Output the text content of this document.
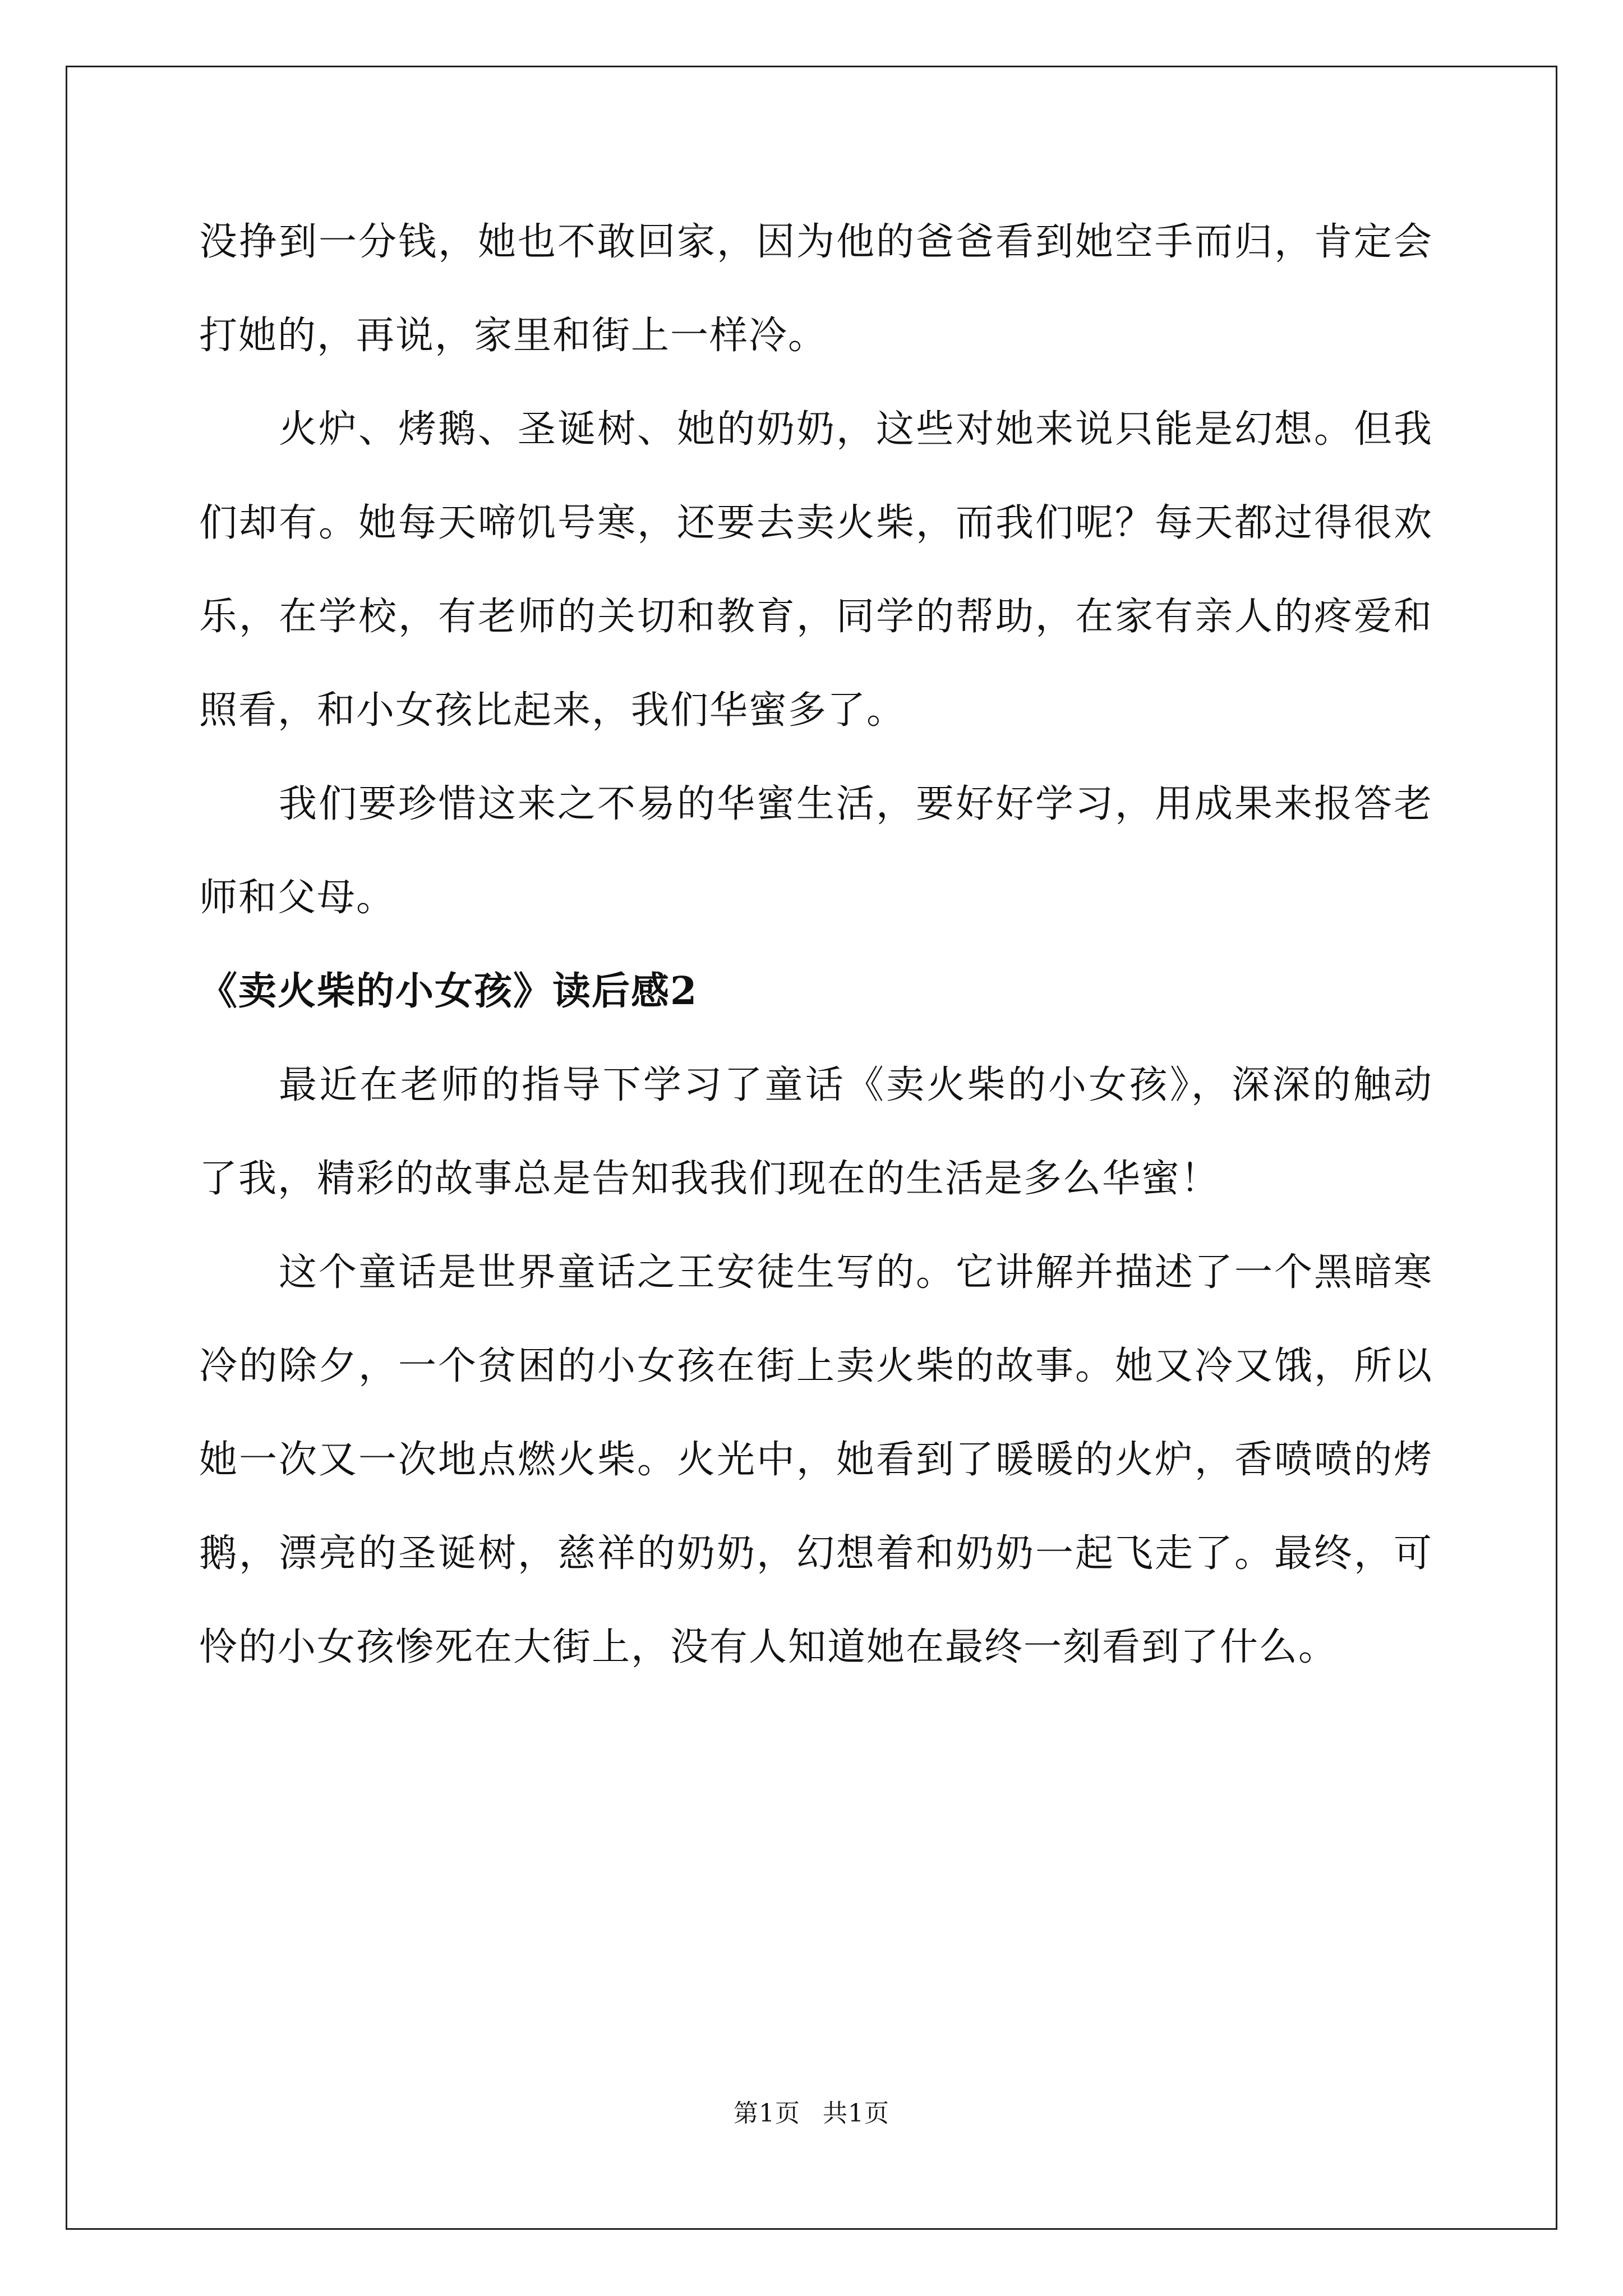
没挣到一分钱，她也不敢回家，因为他的爸爸看到她空手而归，肯定会打她的，再说，家里和街上一样冷。

火炉、烤鹅、圣诞树、她的奶奶，这些对她来说只能是幻想。但我们却有。她每天啼饥号寒，还要去卖火柴，而我们呢？每天都过得很欢乐，在学校，有老师的关切和教育，同学的帮助，在家有亲人的疼爱和照看，和小女孩比起来，我们华蜜多了。

我们要珍惜这来之不易的华蜜生活，要好好学习，用成果来报答老师和父母。

《卖火柴的小女孩》读后感2

最近在老师的指导下学习了童话《卖火柴的小女孩》，深深的触动了我，精彩的故事总是告知我我们现在的生活是多么华蜜！

这个童话是世界童话之王安徒生写的。它讲解并描述了一个黑暗寒冷的除夕，一个贫困的小女孩在街上卖火柴的故事。她又冷又饿，所以她一次又一次地点燃火柴。火光中，她看到了暖暖的火炉，香喷喷的烤鹅，漂亮的圣诞树，慈祥的奶奶，幻想着和奶奶一起飞走了。最终，可怜的小女孩惨死在大街上，没有人知道她在最终一刻看到了什么。

第1页 共1页
